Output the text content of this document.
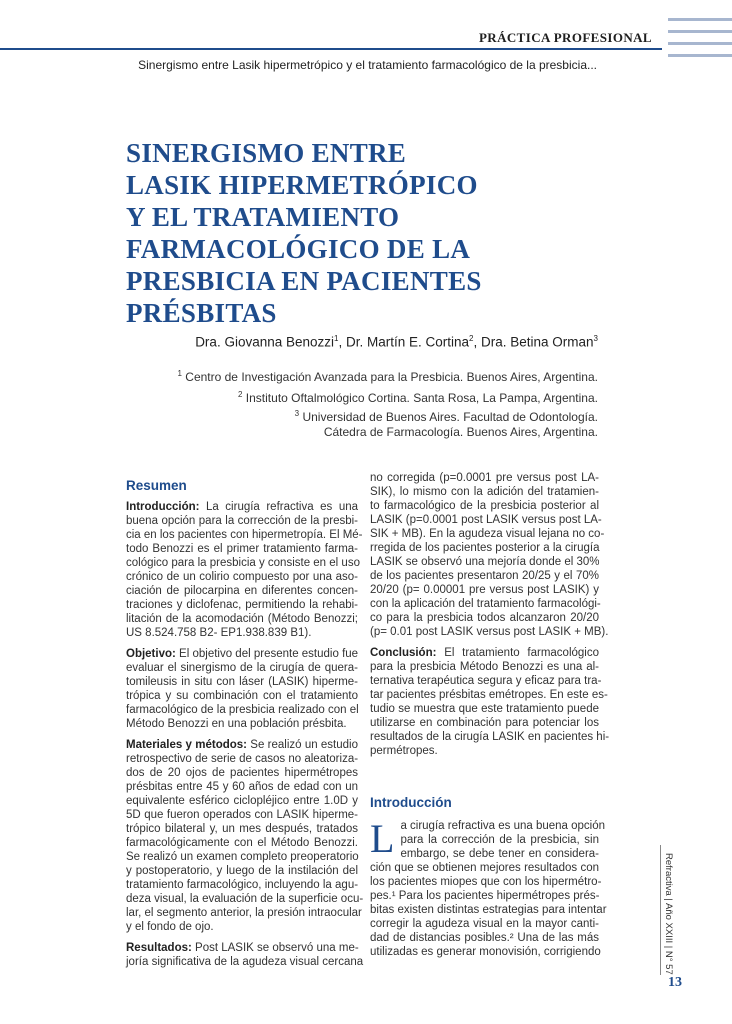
PRÁCTICA PROFESIONAL
Sinergismo entre Lasik hipermetrópico y el tratamiento farmacológico de la presbicia...
SINERGISMO ENTRE
LASIK HIPERMETRÓPICO
Y EL TRATAMIENTO
FARMACOLÓGICO DE LA
PRESBICIA EN PACIENTES
PRÉSBITAS
Dra. Giovanna Benozzi$^1$, Dr. Martín E. Cortina$^2$, Dra. Betina Orman$^3$
$^1$ Centro de Investigación Avanzada para la Presbicia. Buenos Aires, Argentina.
$^2$ Instituto Oftalmológico Cortina. Santa Rosa, La Pampa, Argentina.
$^3$ Universidad de Buenos Aires. Facultad de Odontología.
Cátedra de Farmacología. Buenos Aires, Argentina.
Resumen

Introducción: La cirugía refractiva es una
buena opción para la corrección de la presbi-
cia en los pacientes con hipermetropía. El Mé-
todo Benozzi es el primer tratamiento farma-
cológico para la presbicia y consiste en el uso
crónico de un colirio compuesto por una aso-
ciación de pilocarpina en diferentes concen-
traciones y diclofenac, permitiendo la rehabi-
litación de la acomodación (Método Benozzi;
US 8.524.758 B2- EP1.938.839 B1).

Objetivo: El objetivo del presente estudio fue
evaluar el sinergismo de la cirugía de quera-
tomileusis in situ con láser (LASIK) hiperme-
trópica y su combinación con el tratamiento
farmacológico de la presbicia realizado con el
Método Benozzi en una población présbita.

Materiales y métodos: Se realizó un estudio
retrospectivo de serie de casos no aleatoriza-
dos de 20 ojos de pacientes hipermétropes
présbitas entre 45 y 60 años de edad con un
equivalente esférico ciclopléjico entre 1.0D y
5D que fueron operados con LASIK hiperme-
trópico bilateral y, un mes después, tratados
farmacológicamente con el Método Benozzi.
Se realizó un examen completo preoperatorio
y postoperatorio, y luego de la instilación del
tratamiento farmacológico, incluyendo la agu-
deza visual, la evaluación de la superficie ocu-
lar, el segmento anterior, la presión intraocular
y el fondo de ojo.

Resultados: Post LASIK se observó una me-
joría significativa de la agudeza visual cercana

no corregida (p=0.0001 pre versus post LA-
SIK), lo mismo con la adición del tratamien-
to farmacológico de la presbicia posterior al
LASIK (p=0.0001 post LASIK versus post LA-
SIK + MB). En la agudeza visual lejana no co-
rregida de los pacientes posterior a la cirugía
LASIK se observó una mejoría donde el 30%
de los pacientes presentaron 20/25 y el 70%
20/20 (p= 0.00001 pre versus post LASIK) y
con la aplicación del tratamiento farmacológi-
co para la presbicia todos alcanzaron 20/20
(p= 0.01 post LASIK versus post LASIK + MB).

Conclusión: El tratamiento farmacológico
para la presbicia Método Benozzi es una al-
ternativa terapéutica segura y eficaz para tra-
tar pacientes présbitas emétropes. En este es-
tudio se muestra que este tratamiento puede
utilizarse en combinación para potenciar los
resultados de la cirugía LASIK en pacientes hi-
permétropes.

Introducción
L a cirugía refractiva es una buena opción
para la corrección de la presbicia, sin
embargo, se debe tener en considera-
ción que se obtienen mejores resultados con
los pacientes miopes que con los hipermétro-
pes.¹ Para los pacientes hipermétropes prés-
bitas existen distintas estrategias para intentar
corregir la agudeza visual en la mayor canti-
dad de distancias posibles.² Una de las más
utilizadas es generar monovisión, corrigiendo	Refractiva | Año XXIII | N° 57
13
